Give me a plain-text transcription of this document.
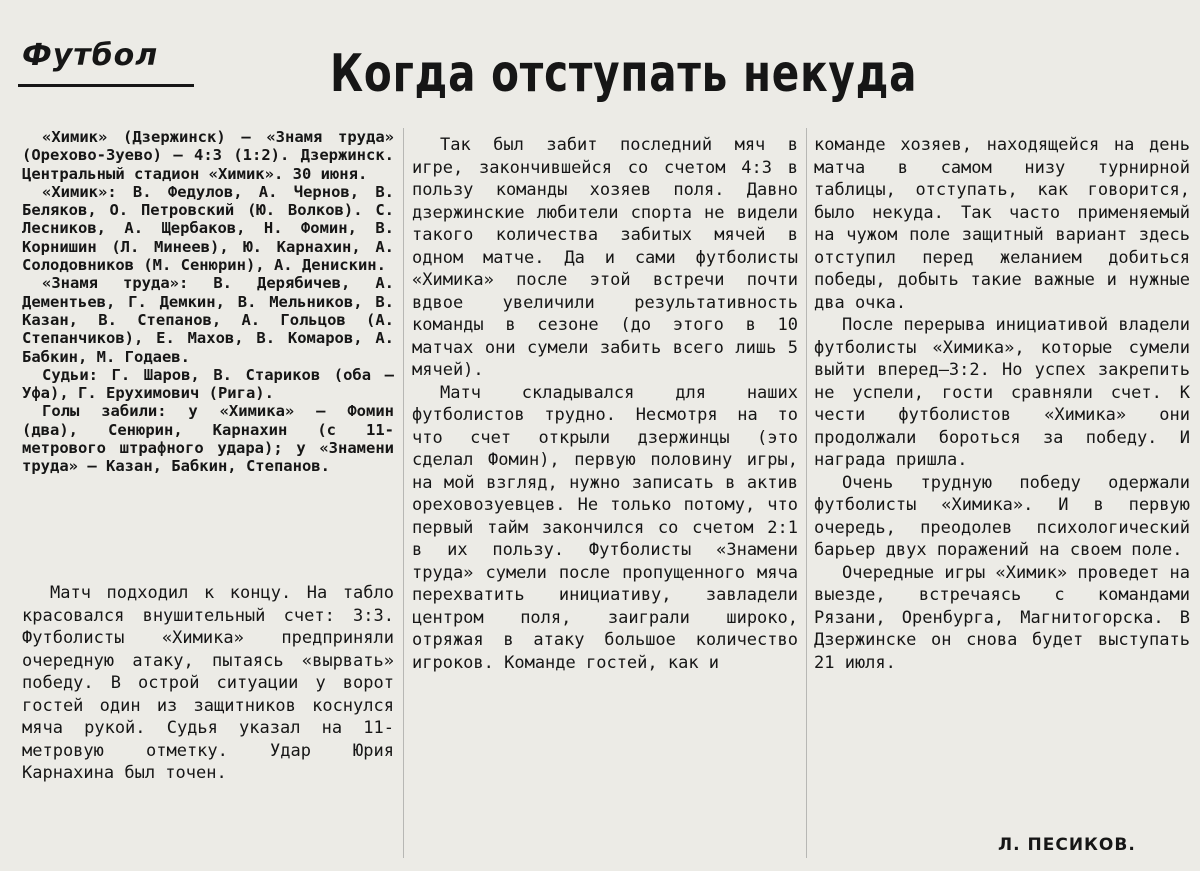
Футбол	Когда отступать некуда

«Химик» (Дзержинск) — «Знамя труда» (Орехово-Зуево) — 4:3 (1:2). Дзержинск. Центральный стадион «Химик». 30 июня.

«Химик»: В. Федулов, А. Чернов, В. Беляков, О. Петровский (Ю. Волков). С. Лесников, А. Щербаков, Н. Фомин, В. Корнишин (Л. Минеев), Ю. Карнахин, А. Солодовников (М. Сенюрин), А. Денискин.

«Знамя труда»: В. Дерябичев, А. Дементьев, Г. Демкин, В. Мельников, В. Казан, В. Степанов, А. Гольцов (А. Степанчиков), Е. Махов, В. Комаров, А. Бабкин, М. Годаев.

Судьи: Г. Шаров, В. Стариков (оба — Уфа), Г. Ерухимович (Рига).

Голы забили: у «Химика» — Фомин (два), Сенюрин, Карнахин (с 11-метрового штрафного удара); у «Знамени труда» — Казан, Бабкин, Степанов.

Матч подходил к концу. На табло красовался внушительный счет: 3:3. Футболисты «Химика» предприняли очередную атаку, пытаясь «вырвать» победу. В острой ситуации у ворот гостей один из защитников коснулся мяча рукой. Судья указал на 11-метровую отметку. Удар Юрия Карнахина был точен.

Так был забит последний мяч в игре, закончившейся со счетом 4:3 в пользу команды хозяев поля. Давно дзержинские любители спорта не видели такого количества забитых мячей в одном матче. Да и сами футболисты «Химика» после этой встречи почти вдвое увеличили результативность команды в сезоне (до этого в 10 матчах они сумели забить всего лишь 5 мячей).

Матч складывался для наших футболистов трудно. Несмотря на то что счет открыли дзержинцы (это сделал Фомин), первую половину игры, на мой взгляд, нужно записать в актив ореховозуевцев. Не только потому, что первый тайм закончился со счетом 2:1 в их пользу. Футболисты «Знамени труда» сумели после пропущенного мяча перехватить инициативу, завладели центром поля, заиграли широко, отряжая в атаку большое количество игроков. Команде гостей, как и

команде хозяев, находящейся на день матча в самом низу турнирной таблицы, отступать, как говорится, было некуда. Так часто применяемый на чужом поле защитный вариант здесь отступил перед желанием добиться победы, добыть такие важные и нужные два очка.

После перерыва инициативой владели футболисты «Химика», которые сумели выйти вперед—3:2. Но успех закрепить не успели, гости сравняли счет. К чести футболистов «Химика» они продолжали бороться за победу. И награда пришла.

Очень трудную победу одержали футболисты «Химика». И в первую очередь, преодолев психологический барьер двух поражений на своем поле.

Очередные игры «Химик» проведет на выезде, встречаясь с командами Рязани, Оренбурга, Магнитогорска. В Дзержинске он снова будет выступать 21 июля.

Л. ПЕСИКОВ.
